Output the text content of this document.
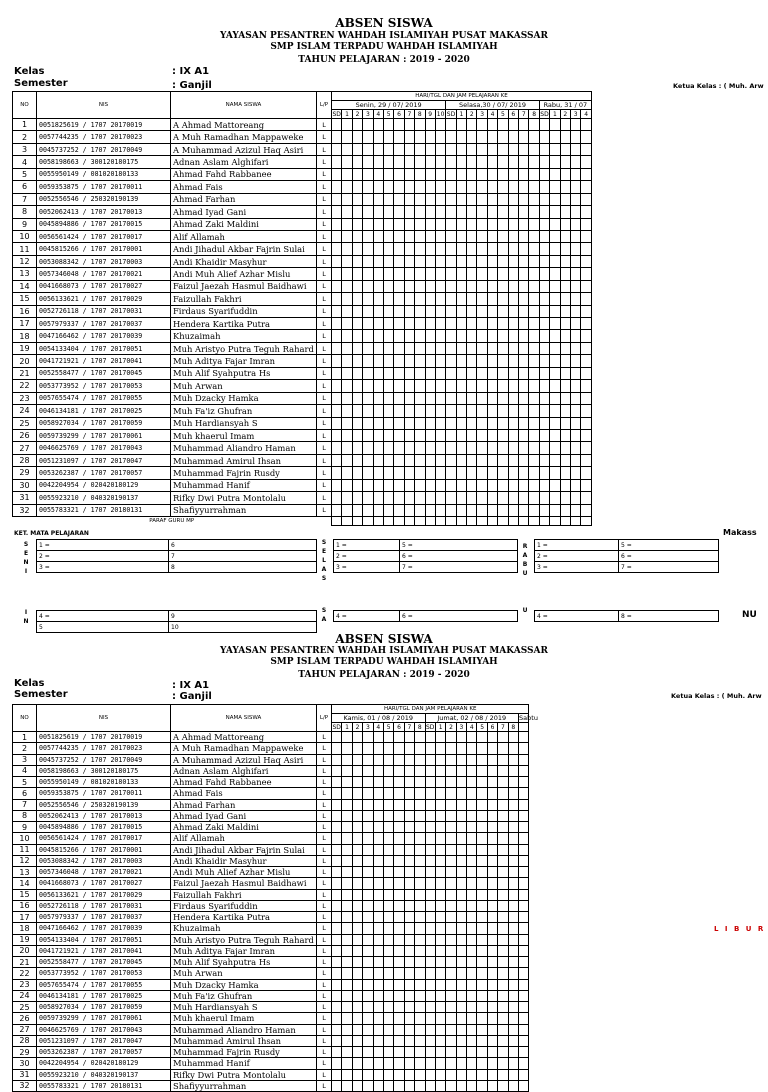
ABSEN SISWA
YAYASAN PESANTREN WAHDAH ISLAMIYAH PUSAT MAKASSAR
SMP ISLAM TERPADU WAHDAH ISLAMIYAH
TAHUN PELAJARAN : 2019 - 2020
Kelas	: IX A1
Semester	: Ganjil	Ketua Kelas : ( Muh. Arw
NO	NIS	NAMA SISWA	L/P	HARI/TGL DAN JAM PELAJARAN KE																								
				Senin, 29 / 07/ 2019											Selasa,30 / 07/ 2019									Rabu, 31 / 07				
				SD	1	2	3	4	5	6	7	8	9	10	SD	1	2	3	4	5	6	7	8	SD	1	2	3	4
1	0051825619 / 1707 20170019	A Ahmad Mattoreang	L																									
2	0057744235 / 1707 20170023	A Muh Ramadhan Mappaweke	L																									
3	0045737252 / 1707 20170049	A Muhammad Azizul Haq Asiri	L																									
4	0058198663 / 300120180175	Adnan Aslam Alghifari	L																									
5	0055950149 / 081020180133	Ahmad Fahd Rabbanee	L																									
6	0059353875 / 1707 20170011	Ahmad Fais	L																									
7	0052556546 / 250320190139	Ahmad Farhan	L																									
8	0052062413 / 1707 20170013	Ahmad Iyad Gani	L																									
9	0045894886 / 1707 20170015	Ahmad Zaki Maldini	L																									
10	0056561424 / 1707 20170017	Alif Allamah	L																									
11	0045815266 / 1707 20170001	Andi Jihadul Akbar Fajrin Sulai	L																									
12	0053088342 / 1707 20170003	Andi Khaidir Masyhur	L																									
13	0057346048 / 1707 20170021	Andi Muh Alief Azhar Mislu	L																									
14	0041668073 / 1707 20170027	Faizul Jaezah Hasmul Baidhawi	L																									
15	0056133621 / 1707 20170029	Faizullah Fakhri	L																									
16	0052726118 / 1707 20170031	Firdaus Syarifuddin	L																									
17	0057979337 / 1707 20170037	Hendera Kartika Putra	L																									
18	0047166462 / 1707 20170039	Khuzaimah	L																									
19	0054133404 / 1707 20170051	Muh Aristyo Putra Teguh Rahard	L																									
20	0041721921 / 1707 20170041	Muh Aditya Fajar Imran	L																									
21	0052558477 / 1707 20170045	Muh Alif Syahputra Hs	L																									
22	0053773952 / 1707 20170053	Muh Arwan	L																									
23	0057655474 / 1707 20170055	Muh Dzacky Hamka	L																									
24	0046134181 / 1707 20170025	Muh Fa'iz Ghufran	L																									
25	0058927034 / 1707 20170059	Muh Hardiansyah S	L																									
26	0059739299 / 1707 20170061	Muh khaerul Imam	L																									
27	0046625769 / 1707 20170043	Muhammad Aliandro Haman	L																									
28	0051231097 / 1707 20170047	Muhammad Amirul Ihsan	L																									
29	0053262387 / 1707 20170057	Muhammad Fajrin Rusdy	L																									
30	0042204954 / 020420180129	Muhammad Hanif	L																									
31	0055923210 / 040320190137	Rifky Dwi Putra Montolalu	L																									
32	0055783321 / 1707 20180131	Shafiyyurrahman	L																									
PARAF GURU MP																												
KET. MATA PELAJARAN	Makass
1 =	6
2 =	7
3 =	8
S
E
N
I
1 =	5 =
2 =	6 =
3 =	7 =
S
E
L
A
S
1 =	5 =
2 =	6 =
3 =	7 =
R
A
B
U
4 =	9
5	10
I
N
4 =	6 =
S
A	4 =	8 =
U	NU
ABSEN SISWA
YAYASAN PESANTREN WAHDAH ISLAMIYAH PUSAT MAKASSAR
SMP ISLAM TERPADU WAHDAH ISLAMIYAH
TAHUN PELAJARAN : 2019 - 2020
Kelas	: IX A1
Semester	: Ganjil	Ketua Kelas : ( Muh. Arw
NO	NIS	NAMA SISWA	L/P	HARI/TGL DAN JAM PELAJARAN KE																		
				Kamis, 01 / 08 / 2019									Jumat, 02 / 08 / 2019									Sabtu
				SD	1	2	3	4	5	6	7	8	SD	1	2	3	4	5	6	7	8	
1	0051825619 / 1707 20170019	A Ahmad Mattoreang	L																			
2	0057744235 / 1707 20170023	A Muh Ramadhan Mappaweke	L																			
3	0045737252 / 1707 20170049	A Muhammad Azizul Haq Asiri	L																			
4	0058198663 / 300120180175	Adnan Aslam Alghifari	L																			
5	0055950149 / 081020180133	Ahmad Fahd Rabbanee	L																			
6	0059353875 / 1707 20170011	Ahmad Fais	L																			
7	0052556546 / 250320190139	Ahmad Farhan	L																			
8	0052062413 / 1707 20170013	Ahmad Iyad Gani	L																			
9	0045894886 / 1707 20170015	Ahmad Zaki Maldini	L																			
10	0056561424 / 1707 20170017	Alif Allamah	L																			
11	0045815266 / 1707 20170001	Andi Jihadul Akbar Fajrin Sulai	L																			
12	0053088342 / 1707 20170003	Andi Khaidir Masyhur	L																			
13	0057346048 / 1707 20170021	Andi Muh Alief Azhar Mislu	L																			
14	0041668073 / 1707 20170027	Faizul Jaezah Hasmul Baidhawi	L																			
15	0056133621 / 1707 20170029	Faizullah Fakhri	L																			
16	0052726118 / 1707 20170031	Firdaus Syarifuddin	L																			
17	0057979337 / 1707 20170037	Hendera Kartika Putra	L																			
18	0047166462 / 1707 20170039	Khuzaimah	L																			
19	0054133404 / 1707 20170051	Muh Aristyo Putra Teguh Rahard	L																			
20	0041721921 / 1707 20170041	Muh Aditya Fajar Imran	L																			
21	0052558477 / 1707 20170045	Muh Alif Syahputra Hs	L																			
22	0053773952 / 1707 20170053	Muh Arwan	L																			
23	0057655474 / 1707 20170055	Muh Dzacky Hamka	L																			
24	0046134181 / 1707 20170025	Muh Fa'iz Ghufran	L																			
25	0058927034 / 1707 20170059	Muh Hardiansyah S	L																			
26	0059739299 / 1707 20170061	Muh khaerul Imam	L																			
27	0046625769 / 1707 20170043	Muhammad Aliandro Haman	L																			
28	0051231097 / 1707 20170047	Muhammad Amirul Ihsan	L																			
29	0053262387 / 1707 20170057	Muhammad Fajrin Rusdy	L																			
30	0042204954 / 020420180129	Muhammad Hanif	L																			
31	0055923210 / 040320190137	Rifky Dwi Putra Montolalu	L																			
32	0055783321 / 1707 20180131	Shafiyyurrahman	L																			
L I B U R
